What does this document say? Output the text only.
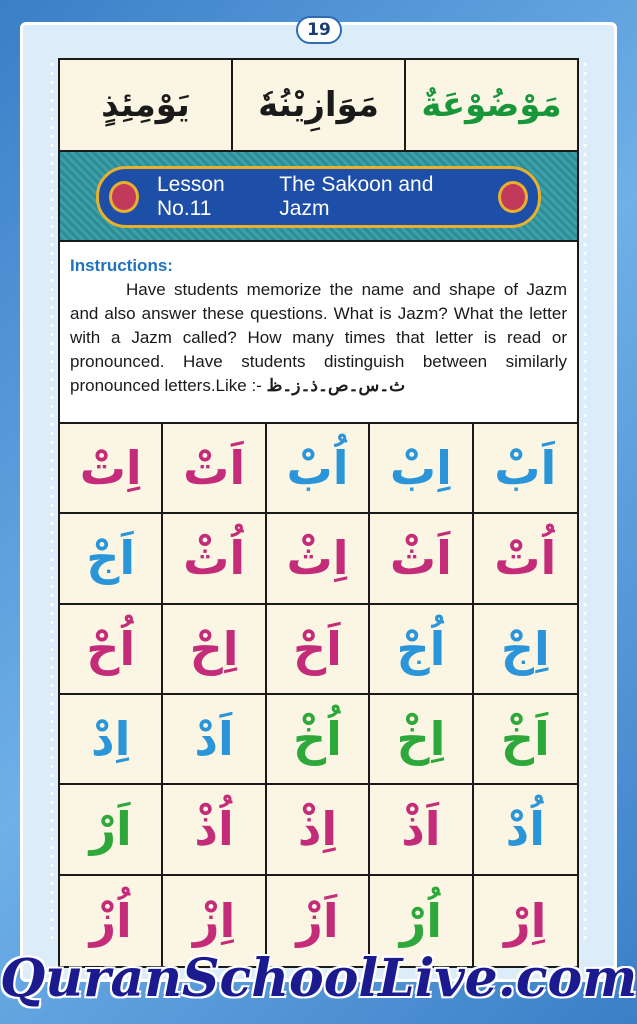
19
يَوْمِئِذٍ	مَوَازِيْنُهٗ	مَوْضُوْعَةٌ
Lesson No.11
The Sakoon and Jazm
Instructions:
Have students memorize the name and shape of Jazm and also answer these questions. What is Jazm? What the letter with a Jazm called? How many times that letter is read or pronounced. Have students distinguish between similarly pronounced letters.Like :- ث۔س۔ص۔ذ۔ز۔ظ
اِتْ اَتْ اُبْ اِبْ اَبْ
اَجْ	اُثْ اِثْ اَثْ اُتْ
اُحْ	اِحْ	اَحْ	اُجْ	اِجْ
اِدْ	اَدْ	اُخْ	اِخْ	اَخْ
اَرْ	اُذْ	اِذْ	اَذْ	اُدْ
اُزْ	اِزْ	اَزْ	اُرْ	اِرْ
QuranSchoolLive.com
